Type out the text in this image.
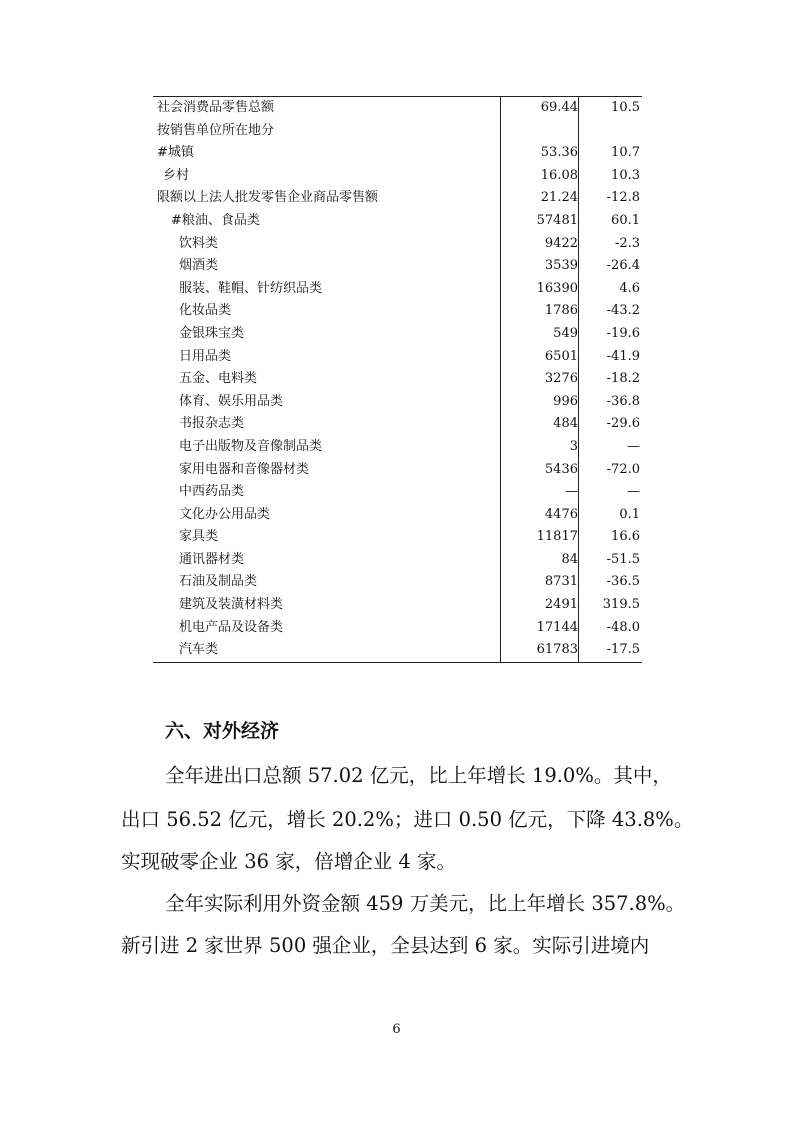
社会消费品零售总额	69.44	10.5
按销售单位所在地分
#城镇	53.36	10.7
乡村	16.08	10.3
限额以上法人批发零售企业商品零售额	21.24	-12.8
#粮油、食品类	57481	60.1
饮料类	9422	-2.3
烟酒类	3539	-26.4
服装、鞋帽、针纺织品类	16390	4.6
化妆品类	1786	-43.2
金银珠宝类	549	-19.6
日用品类	6501	-41.9
五金、电料类	3276	-18.2
体育、娱乐用品类	996	-36.8
书报杂志类	484	-29.6
电子出版物及音像制品类	3	—
家用电器和音像器材类	5436	-72.0
中西药品类	—	—
文化办公用品类	4476	0.1
家具类	11817	16.6
通讯器材类	84	-51.5
石油及制品类	8731	-36.5
建筑及装潢材料类	2491	319.5
机电产品及设备类	17144	-48.0
汽车类	61783	-17.5
六、对外经济
全年进出口总额 57.02 亿元，比上年增长 19.0%。其中，
出口 56.52 亿元，增长 20.2%；进口 0.50 亿元，下降 43.8%。
实现破零企业 36 家，倍增企业 4 家。
全年实际利用外资金额 459 万美元，比上年增长 357.8%。
新引进 2 家世界 500 强企业，全县达到 6 家。实际引进境内
6
